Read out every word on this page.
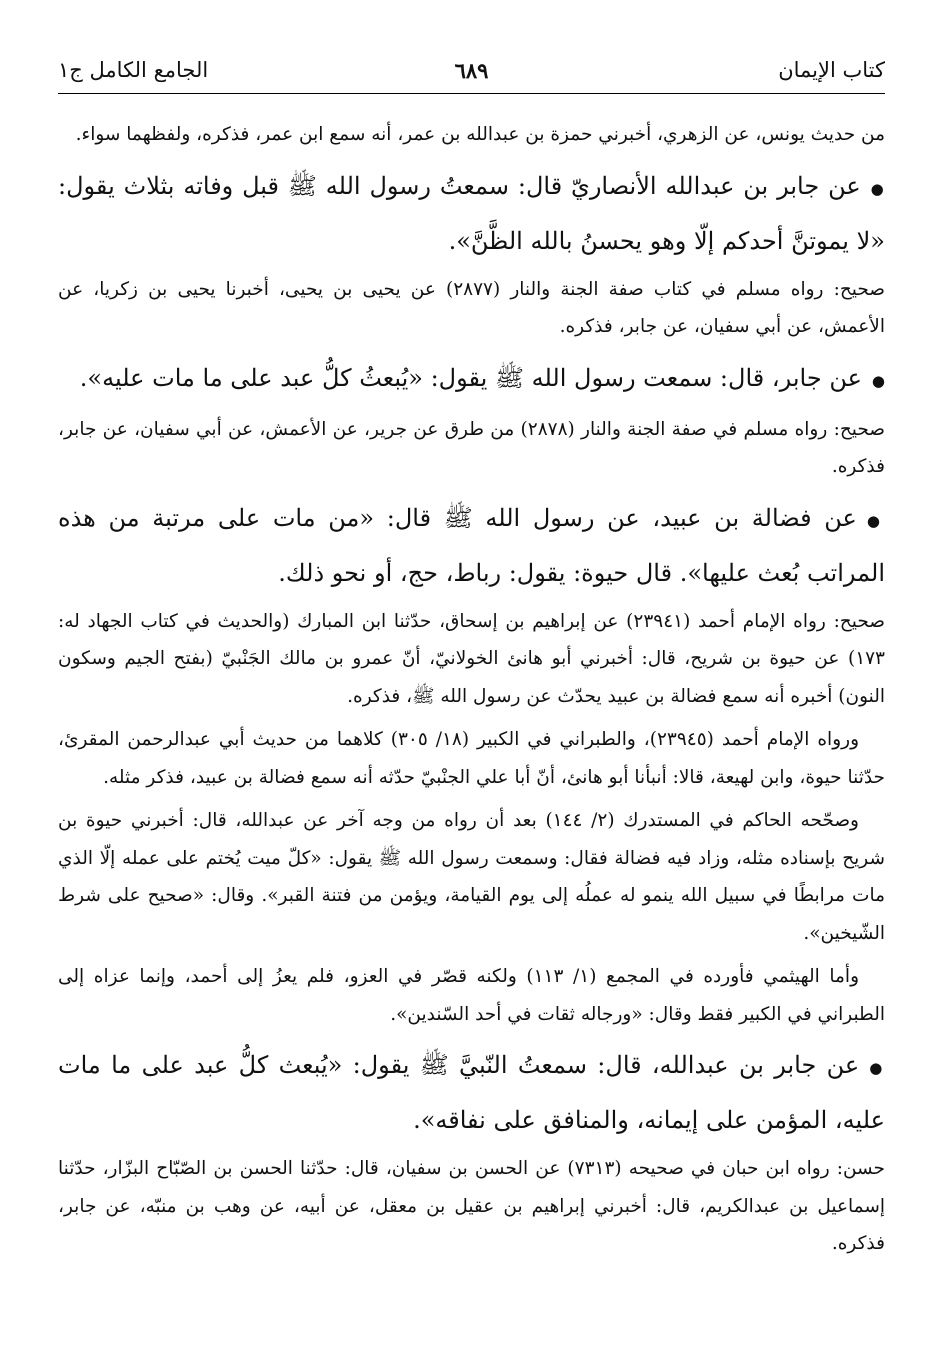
كتاب الإيمان
٦٨٩
الجامع الكامل ج١

من حديث يونس، عن الزهري، أخبرني حمزة بن عبدالله بن عمر، أنه سمع ابن عمر، فذكره، ولفظهما سواء.

●عن جابر بن عبدالله الأنصاريّ قال: سمعتُ رسول الله ﷺ قبل وفاته بثلاث يقول: «لا يموتنَّ أحدكم إلّا وهو يحسنُ بالله الظَّنَّ».

صحيح: رواه مسلم في كتاب صفة الجنة والنار (٢٨٧٧) عن يحيى بن يحيى، أخبرنا يحيى بن زكريا، عن الأعمش، عن أبي سفيان، عن جابر، فذكره.

●عن جابر، قال: سمعت رسول الله ﷺ يقول: «يُبعثُ كلُّ عبد على ما مات عليه».

صحيح: رواه مسلم في صفة الجنة والنار (٢٨٧٨) من طرق عن جرير، عن الأعمش، عن أبي سفيان، عن جابر، فذكره.

●عن فضالة بن عبيد، عن رسول الله ﷺ قال: «من مات على مرتبة من هذه المراتب بُعث عليها». قال حيوة: يقول: رباط، حج، أو نحو ذلك.

صحيح: رواه الإمام أحمد (٢٣٩٤١) عن إبراهيم بن إسحاق، حدّثنا ابن المبارك (والحديث في كتاب الجهاد له: ١٧٣) عن حيوة بن شريح، قال: أخبرني أبو هانئ الخولانيّ، أنّ عمرو بن مالك الجَنْبيّ (بفتح الجيم وسكون النون) أخبره أنه سمع فضالة بن عبيد يحدّث عن رسول الله ﷺ، فذكره.

ورواه الإمام أحمد (٢٣٩٤٥)، والطبراني في الكبير (١٨/ ٣٠٥) كلاهما من حديث أبي عبدالرحمن المقرئ، حدّثنا حيوة، وابن لهيعة، قالا: أنبأنا أبو هانئ، أنّ أبا علي الجنْبيّ حدّثه أنه سمع فضالة بن عبيد، فذكر مثله.

وصحّحه الحاكم في المستدرك (٢/ ١٤٤) بعد أن رواه من وجه آخر عن عبدالله، قال: أخبرني حيوة بن شريح بإسناده مثله، وزاد فيه فضالة فقال: وسمعت رسول الله ﷺ يقول: «كلّ ميت يُختم على عمله إلّا الذي مات مرابطًا في سبيل الله ينمو له عملُه إلى يوم القيامة، ويؤمن من فتنة القبر». وقال: «صحيح على شرط الشّيخين».

وأما الهيثمي فأورده في المجمع (١/ ١١٣) ولكنه قصّر في العزو، فلم يعزُ إلى أحمد، وإنما عزاه إلى الطبراني في الكبير فقط وقال: «ورجاله ثقات في أحد السّندين».

●عن جابر بن عبدالله، قال: سمعتُ النّبيَّ ﷺ يقول: «يُبعث كلُّ عبد على ما مات عليه، المؤمن على إيمانه، والمنافق على نفاقه».

حسن: رواه ابن حبان في صحيحه (٧٣١٣) عن الحسن بن سفيان، قال: حدّثنا الحسن بن الصّبّاح البزّار، حدّثنا إسماعيل بن عبدالكريم، قال: أخبرني إبراهيم بن عقيل بن معقل، عن أبيه، عن وهب بن منبّه، عن جابر، فذكره.
